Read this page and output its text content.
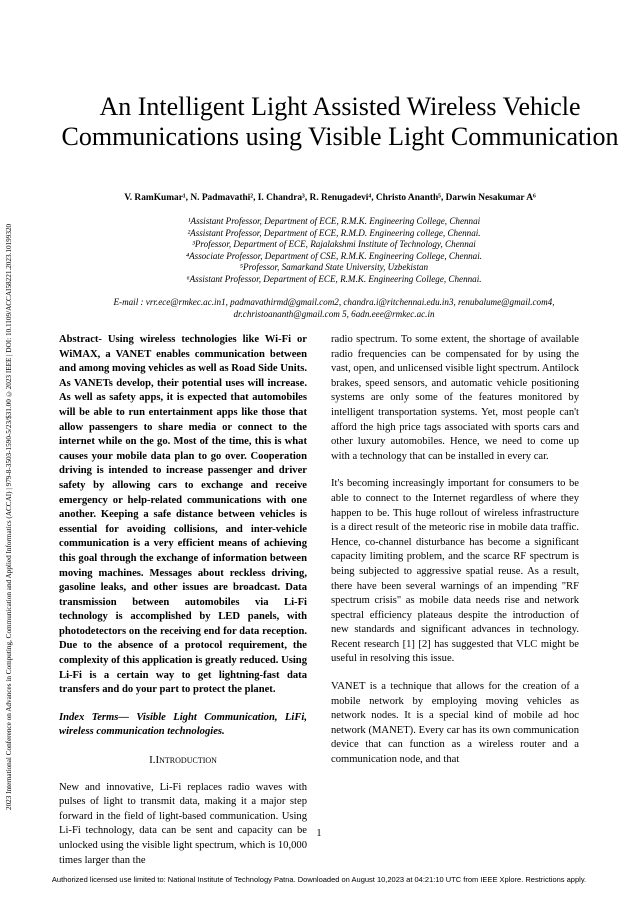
2023 International Conference on Advances in Computing, Communication and Applied Informatics (ACCAI) | 979-8-3503-1590-5/23/$31.00 ©2023 IEEE | DOI: 10.1109/ACCAI58221.2023.10199320
An Intelligent Light Assisted Wireless Vehicle Communications using Visible Light Communication
V. RamKumar¹, N. Padmavathi², I. Chandra³, R. Renugadevi⁴, Christo Ananth⁵, Darwin Nesakumar A⁶
¹Assistant Professor, Department of ECE, R.M.K. Engineering College, Chennai
²Assistant Professor, Department of ECE, R.M.D. Engineering college, Chennai.
³Professor, Department of ECE, Rajalakshmi Institute of Technology, Chennai
⁴Associate Professor, Department of CSE, R.M.K. Engineering College, Chennai.
⁵Professor, Samarkand State University, Uzbekistan
⁶Assistant Professor, Department of ECE, R.M.K. Engineering College, Chennai.
E-mail : vrr.ece@rmkec.ac.in1, padmavathirmd@gmail.com2, chandra.i@ritchennai.edu.in3, renubalume@gmail.com4,
dr.christoananth@gmail.com 5, 6adn.eee@rmkec.ac.in

Abstract- Using wireless technologies like Wi-Fi or WiMAX, a VANET enables communication between and among moving vehicles as well as Road Side Units. As VANETs develop, their potential uses will increase. As well as safety apps, it is expected that automobiles will be able to run entertainment apps like those that allow passengers to share media or connect to the internet while on the go. Most of the time, this is what causes your mobile data plan to go over. Cooperation driving is intended to increase passenger and driver safety by allowing cars to exchange and receive emergency or help-related communications with one another. Keeping a safe distance between vehicles is essential for avoiding collisions, and inter-vehicle communication is a very efficient means of achieving this goal through the exchange of information between moving machines. Messages about reckless driving, gasoline leaks, and other issues are broadcast. Data transmission between automobiles via Li-Fi technology is accomplished by LED panels, with photodetectors on the receiving end for data reception. Due to the absence of a protocol requirement, the complexity of this application is greatly reduced. Using Li-Fi is a certain way to get lightning-fast data transfers and do your part to protect the planet.

Index Terms— Visible Light Communication, LiFi, wireless communication technologies.

I.Introduction

New and innovative, Li-Fi replaces radio waves with pulses of light to transmit data, making it a major step forward in the field of light-based communication. Using Li-Fi technology, data can be sent and capacity can be unlocked using the visible light spectrum, which is 10,000 times larger than the

radio spectrum. To some extent, the shortage of available radio frequencies can be compensated for by using the vast, open, and unlicensed visible light spectrum. Antilock brakes, speed sensors, and automatic vehicle positioning systems are only some of the features monitored by intelligent transportation systems. Yet, most people can't afford the high price tags associated with sports cars and other luxury automobiles. Hence, we need to come up with a technology that can be installed in every car.

It's becoming increasingly important for consumers to be able to connect to the Internet regardless of where they happen to be. This huge rollout of wireless infrastructure is a direct result of the meteoric rise in mobile data traffic. Hence, co-channel disturbance has become a significant capacity limiting problem, and the scarce RF spectrum is being subjected to aggressive spatial reuse. As a result, there have been several warnings of an impending "RF spectrum crisis" as mobile data needs rise and network spectral efficiency plateaus despite the introduction of new standards and significant advances in technology. Recent research [1] [2] has suggested that VLC might be useful in resolving this issue.

VANET is a technique that allows for the creation of a mobile network by employing moving vehicles as network nodes. It is a special kind of mobile ad hoc network (MANET). Every car has its own communication device that can function as a wireless router and a communication node, and that

1
Authorized licensed use limited to: National Institute of Technology Patna. Downloaded on August 10,2023 at 04:21:10 UTC from IEEE Xplore. Restrictions apply.
